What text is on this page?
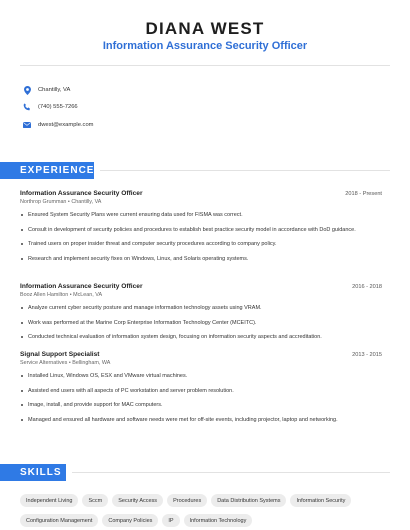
DIANA WEST
Information Assurance Security Officer
Chantilly, VA
(740) 555-7266
dwest@example.com
EXPERIENCE
Information Assurance Security Officer	2018 - Present
Northrop Grumman • Chantilly, VA
Ensured System Security Plans were current ensuring data used for FISMA was correct.
Consult in development of security policies and procedures to establish best practice security model in accordance with DoD guidance.
Trained users on proper insider threat and computer security procedures according to company policy.
Research and implement security fixes on Windows, Linux, and Solaris operating systems.
Information Assurance Security Officer	2016 - 2018
Booz Allen Hamilton • McLean, VA
Analyze current cyber security posture and manage information technology assets using VRAM.
Work was performed at the Marine Corp Enterprise Information Technology Center (MCEITC).
Conducted technical evaluation of information system design, focusing on information security aspects and accreditation.
Signal Support Specialist	2013 - 2015
Service Alternatives • Bellingham, WA
Installed Linux, Windows OS, ESX and VMware virtual machines.
Assisted end users with all aspects of PC workstation and server problem resolution.
Image, install, and provide support for MAC computers.
Managed and ensured all hardware and software needs were met for off-site events, including projector, laptop and networking.
SKILLS
Independent Living	Sccm	Security Access	Procedures	Data Distribution Systems	Information Security
Configuration Management	Company Policies	IP	Information Technology
